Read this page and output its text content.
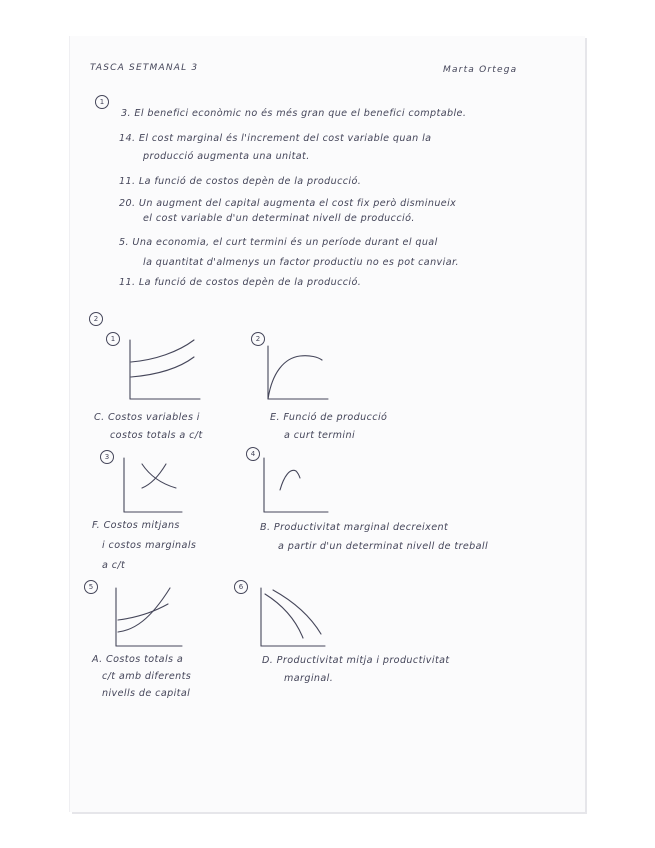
TASCA SETMANAL 3	Marta Ortega
1
3. El benefici econòmic no és més gran que el benefici comptable.
14. El cost marginal és l'increment del cost variable quan la
producció augmenta una unitat.
11. La funció de costos depèn de la producció.
20. Un augment del capital augmenta el cost fix però disminueix
el cost variable d'un determinat nivell de producció.
5. Una economia, el curt termini és un període durant el qual
la quantitat d'almenys un factor productiu no es pot canviar.
11. La funció de costos depèn de la producció.
2
1
C. Costos variables i
costos totals a c/t
2
E. Funció de producció
a curt termini
3
F. Costos mitjans
i costos marginals
a c/t
4
B. Productivitat marginal decreixent
a partir d'un determinat nivell de treball
5
A. Costos totals a
c/t amb diferents
nivells de capital
6
D. Productivitat mitja i productivitat
marginal.
